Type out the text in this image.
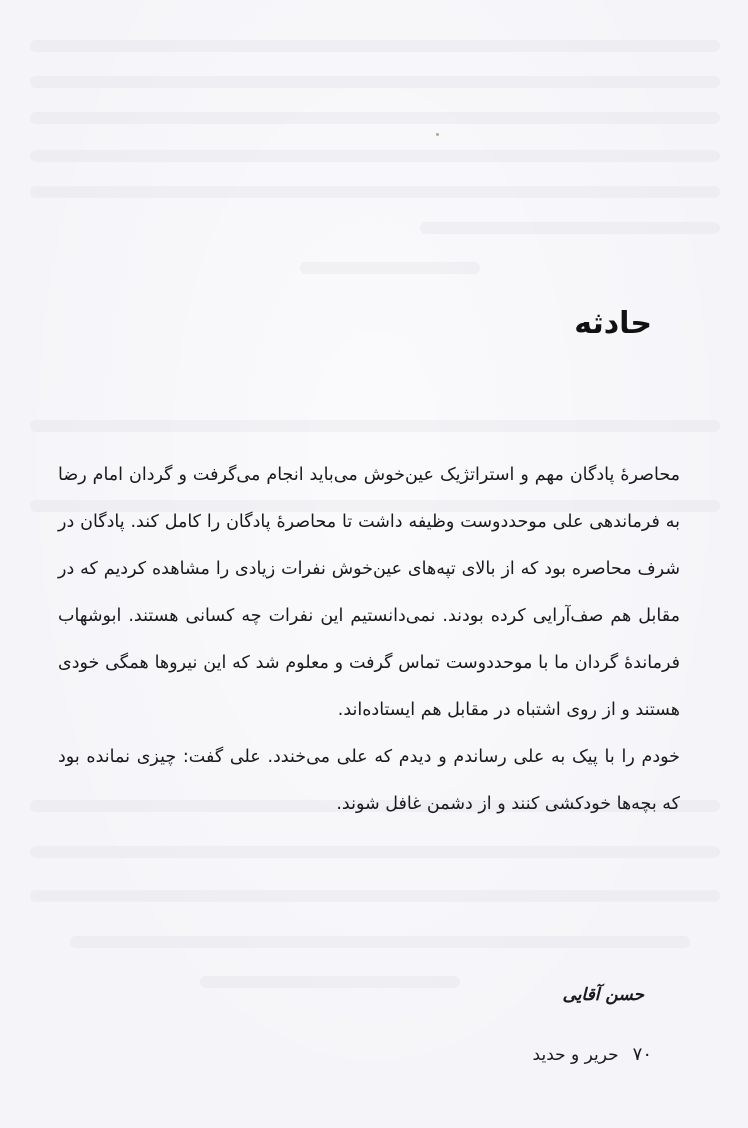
حادثه

محاصرهٔ پادگان مهم و استراتژیک عین‌خوش می‌باید انجام می‌گرفت و گردان امام رضا به فرماندهی علی موحددوست وظیفه داشت تا محاصرهٔ پادگان را کامل کند. پادگان در شرف محاصره بود که از بالای تپه‌های عین‌خوش نفرات زیادی را مشاهده کردیم که در مقابل هم صف‌آرایی کرده بودند. نمی‌دانستیم این نفرات چه کسانی هستند. ابوشهاب فرماندهٔ گردان ما با موحددوست تماس گرفت و معلوم شد که این نیروها همگی خودی هستند و از روی اشتباه در مقابل هم ایستاده‌اند.

خودم را با پیک به علی رساندم و دیدم که علی می‌خندد. علی گفت: چیزی نمانده بود که بچه‌ها خودکشی کنند و از دشمن غافل شوند.

حسن آقایی
۷۰
حریر و حدید
